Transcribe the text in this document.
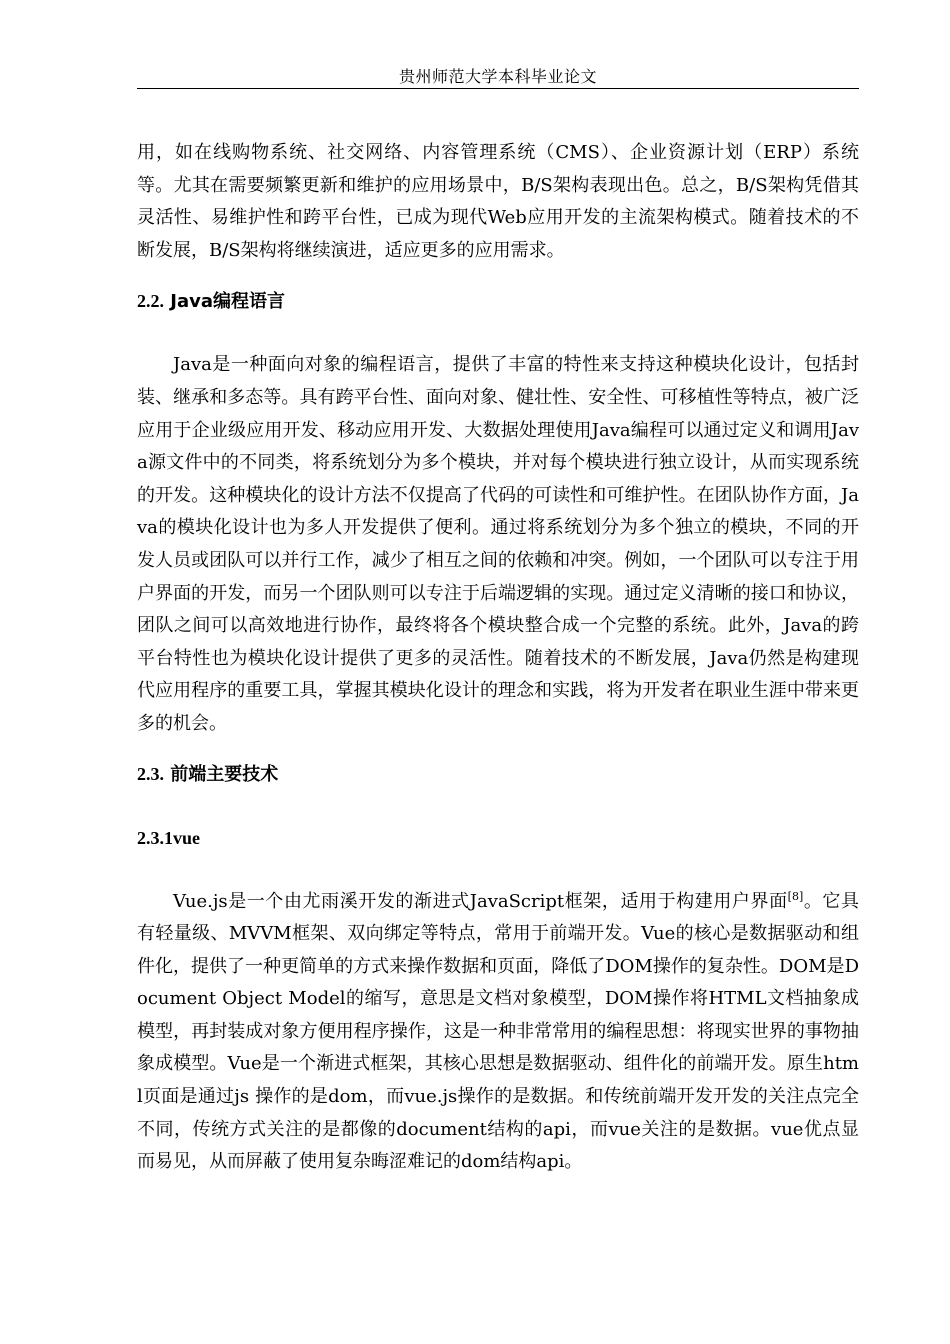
贵州师范大学本科毕业论文

用，如在线购物系统、社交网络、内容管理系统（CMS）、企业资源计划（ERP）系统等。尤其在需要频繁更新和维护的应用场景中，B/S架构表现出色。总之，B/S架构凭借其灵活性、易维护性和跨平台性，已成为现代Web应用开发的主流架构模式。随着技术的不断发展，B/S架构将继续演进，适应更多的应用需求。

2.2. Java编程语言

Java是一种面向对象的编程语言，提供了丰富的特性来支持这种模块化设计，包括封装、继承和多态等。具有跨平台性、面向对象、健壮性、安全性、可移植性等特点，被广泛应用于企业级应用开发、移动应用开发、大数据处理使用Java编程可以通过定义和调用Java源文件中的不同类，将系统划分为多个模块，并对每个模块进行独立设计，从而实现系统的开发。这种模块化的设计方法不仅提高了代码的可读性和可维护性。在团队协作方面，Java的模块化设计也为多人开发提供了便利。通过将系统划分为多个独立的模块，不同的开发人员或团队可以并行工作，减少了相互之间的依赖和冲突。例如，一个团队可以专注于用户界面的开发，而另一个团队则可以专注于后端逻辑的实现。通过定义清晰的接口和协议，团队之间可以高效地进行协作，最终将各个模块整合成一个完整的系统。此外，Java的跨平台特性也为模块化设计提供了更多的灵活性。随着技术的不断发展，Java仍然是构建现代应用程序的重要工具，掌握其模块化设计的理念和实践，将为开发者在职业生涯中带来更多的机会。

2.3. 前端主要技术
2.3.1vue

Vue.js是一个由尤雨溪开发的渐进式JavaScript框架，适用于构建用户界面[8]。它具有轻量级、MVVM框架、双向绑定等特点，常用于前端开发。Vue的核心是数据驱动和组件化，提供了一种更简单的方式来操作数据和页面，降低了DOM操作的复杂性。DOM是Document Object Model的缩写，意思是文档对象模型，DOM操作将HTML文档抽象成模型，再封装成对象方便用程序操作，这是一种非常常用的编程思想：将现实世界的事物抽象成模型。Vue是一个渐进式框架，其核心思想是数据驱动、组件化的前端开发。原生html页面是通过js 操作的是dom，而vue.js操作的是数据。和传统前端开发开发的关注点完全不同，传统方式关注的是都像的document结构的api，而vue关注的是数据。vue优点显而易见，从而屏蔽了使用复杂晦涩难记的dom结构api。
